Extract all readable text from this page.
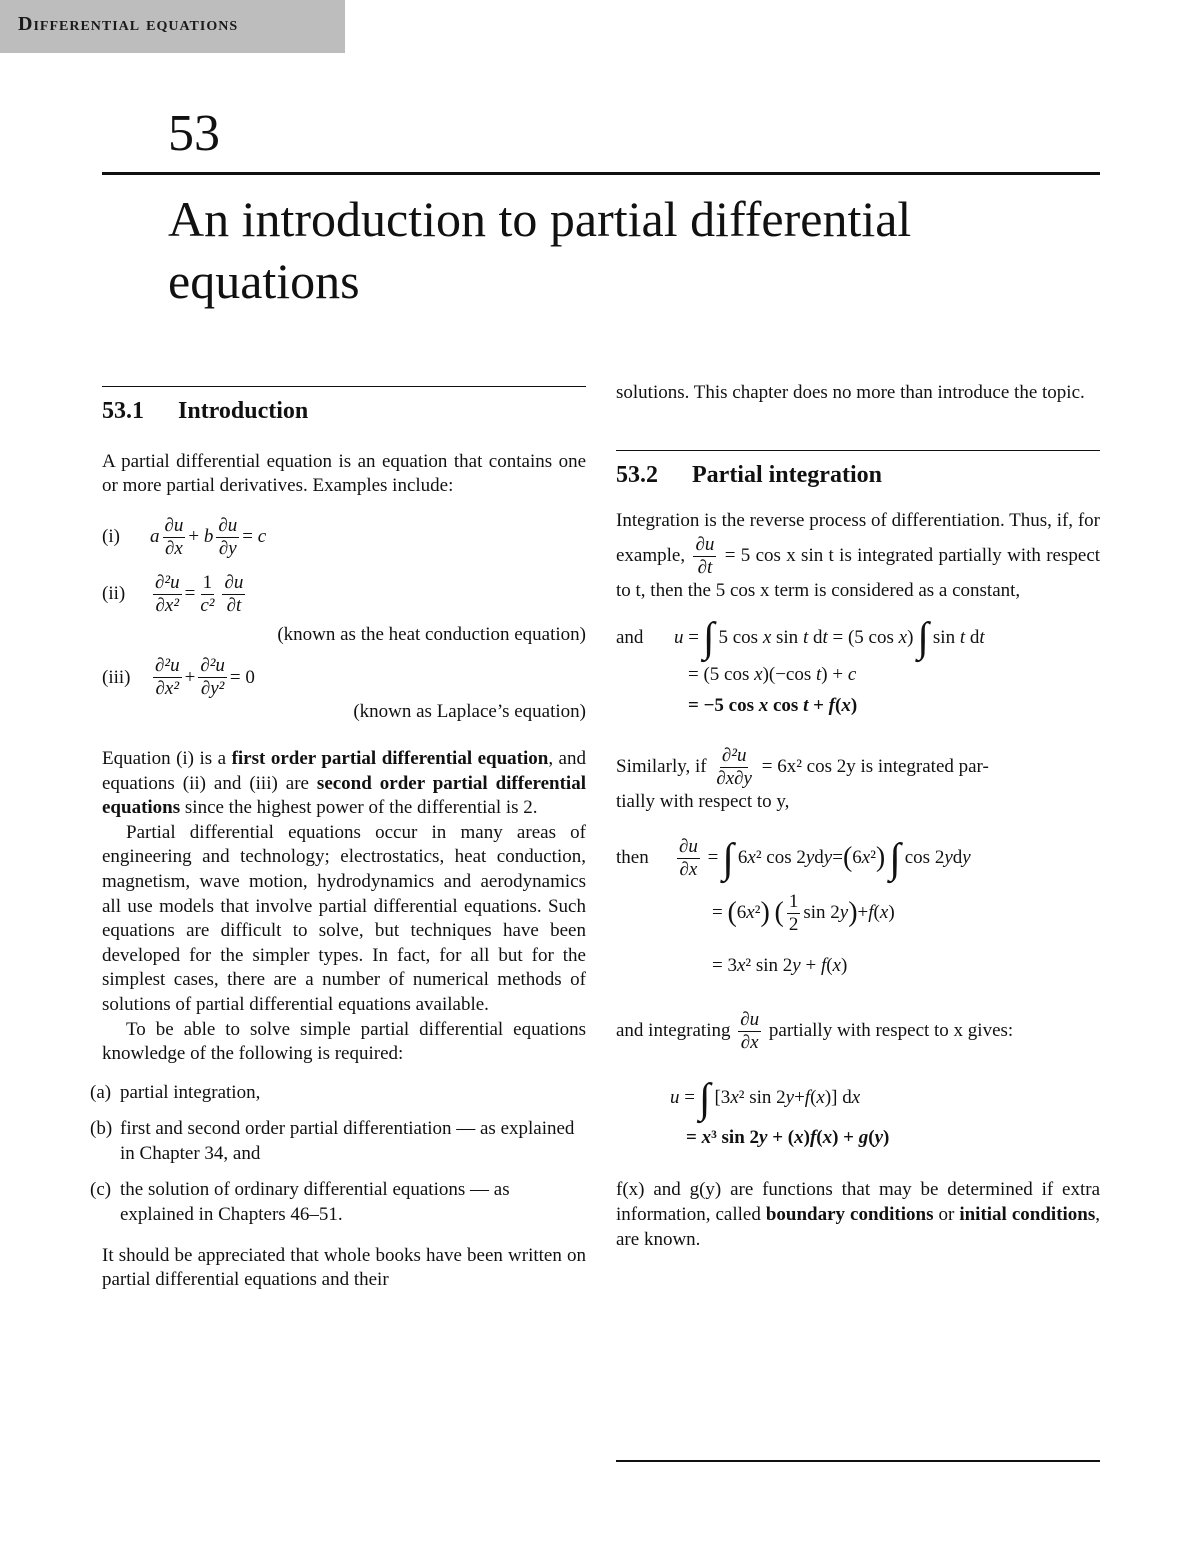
Differential equations
53
An introduction to partial differential equations
53.1 Introduction

A partial differential equation is an equation that contains one or more partial derivatives. Examples include:

(i)	a $\frac{\partial u}{\partial x} + b \frac{\partial u}{\partial y} = c$
(ii)	$\frac{\text{∂²u}}{\text{∂x²}} = \frac{1}{\text{c²}} \frac{\partial u}{\partial t}$

(known as the heat conduction equation)

(iii)	$\frac{\text{∂²u}}{\text{∂x²}} + \frac{\text{∂²u}}{\text{∂y²}} = 0$

(known as Laplace’s equation)

Equation (i) is a first order partial differential equation, and equations (ii) and (iii) are second order partial differential equations since the highest power of the differential is 2.

Partial differential equations occur in many areas of engineering and technology; electrostatics, heat conduction, magnetism, wave motion, hydrodynamics and aerodynamics all use models that involve partial differential equations. Such equations are difficult to solve, but techniques have been developed for the simpler types. In fact, for all but for the simplest cases, there are a number of numerical methods of solutions of partial differential equations available.

To be able to solve simple partial differential equations knowledge of the following is required:

(a) partial integration,
(b) first and second order partial differentiation — as explained in Chapter 34, and
(c) the solution of ordinary differential equations — as explained in Chapters 46–51.

It should be appreciated that whole books have been written on partial differential equations and their

solutions. This chapter does no more than introduce the topic.

53.2 Partial integration

Integration is the reverse process of differentiation. Thus, if, for example, $\frac{\partial u}{\partial t} = 5$ cos x sin t is integrated partially with respect to t, then the 5 cos x term is considered as a constant,

and	u = ∫ 5 cos x sin t d t = (5 cos x ) ∫ sin t d t
= (5 cos x)(−cos t) + c
= −5 cos x cos t + f(x)

Similarly, if $\frac{\text{∂²u}}{\partial x\partial y} = 6x^2$ cos 2y is integrated par-

tially with respect to y,

then	$\frac{\partial u}{\partial x}$ = ∫ 6 x ² cos 2 y d y = ( 6 x ² ) ∫ cos 2 y d y
= ( 6 x ² )
( $\frac{1}{2}$ sin 2 y ) + f ( x )
= 3x² sin 2y + f(x)

and integrating $\frac{\partial u}{\partial x}$ partially with respect to x gives:

u = ∫ [3 x ² sin 2 y + f ( x )] d x
= x³ sin 2y + (x)f(x) + g(y)

f(x) and g(y) are functions that may be determined if extra information, called boundary conditions or initial conditions, are known.
